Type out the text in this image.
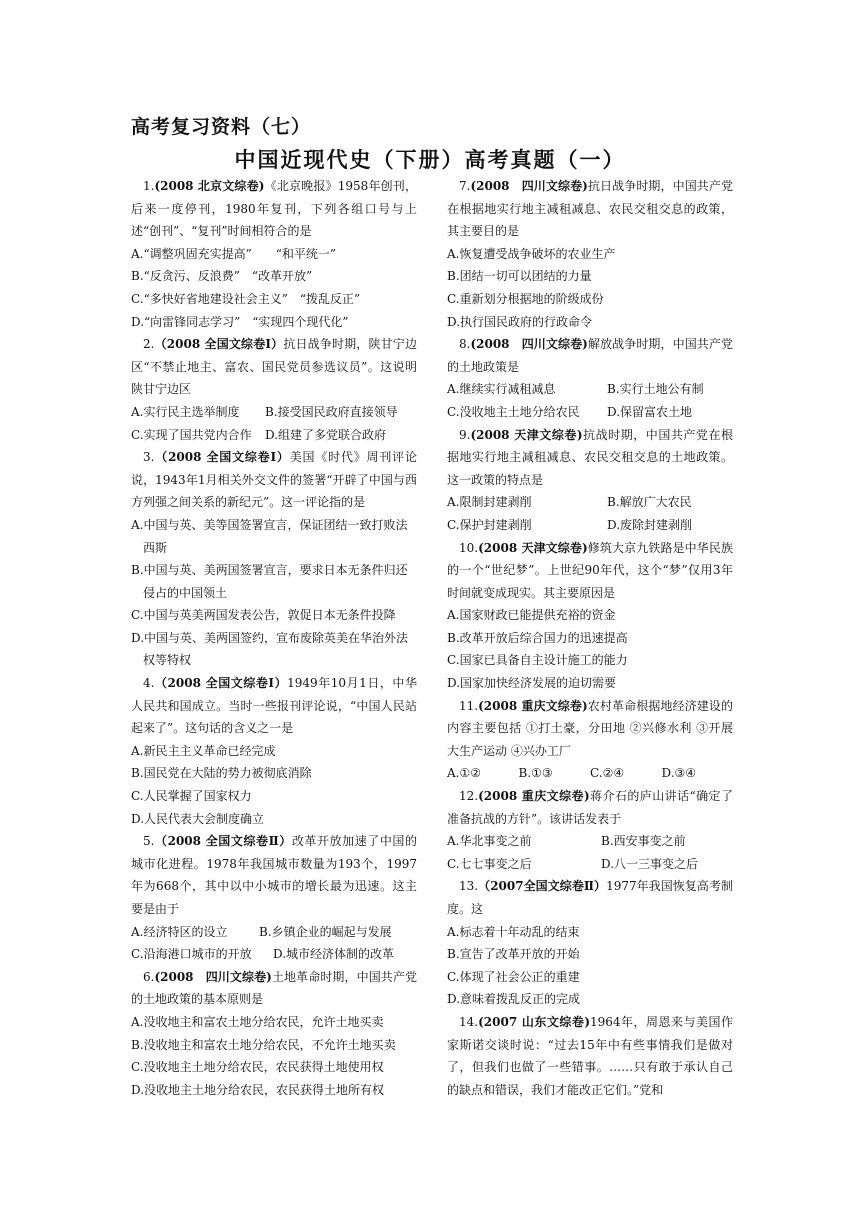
高考复习资料（七）
中国近现代史（下册）高考真题（一）

1.(2008 北京文综卷)《北京晚报》1958年创刊，后来一度停刊，1980年复刊，下列各组口号与上述“创刊”、“复刊”时间相符合的是

A.“调整巩固充实提高”　　“和平统一”
B.“反贪污、反浪费”　“改革开放”
C.“多快好省地建设社会主义”　“拨乱反正”
D.“向雷锋同志学习”　“实现四个现代化”

2.（2008 全国文综卷Ⅰ）抗日战争时期，陕甘宁边区“不禁止地主、富农、国民党员参选议员”。这说明陕甘宁边区

A.实行民主选举制度	B.接受国民政府直接领导
C.实现了国共党内合作	D.组建了多党联合政府

3.（2008 全国文综卷Ⅰ）美国《时代》周刊评论说，1943年1月相关外交文件的签署“开辟了中国与西方列强之间关系的新纪元”。这一评论指的是

A.中国与英、美等国签署宣言，保证团结一致打败法西斯
B.中国与英、美两国签署宣言，要求日本无条件归还侵占的中国领土
C.中国与英美两国发表公告，敦促日本无条件投降
D.中国与英、美两国签约，宣布废除英美在华治外法权等特权

4.（2008 全国文综卷Ⅰ）1949年10月1日，中华人民共和国成立。当时一些报刊评论说，“中国人民站起来了”。这句话的含义之一是

A.新民主主义革命已经完成
B.国民党在大陆的势力被彻底消除
C.人民掌握了国家权力
D.人民代表大会制度确立

5.（2008 全国文综卷Ⅱ）改革开放加速了中国的城市化进程。1978年我国城市数量为193个，1997年为668个，其中以中小城市的增长最为迅速。这主要是由于

A.经济特区的设立	B.乡镇企业的崛起与发展
C.沿海港口城市的开放	D.城市经济体制的改革

6.(2008　四川文综卷)土地革命时期，中国共产党的土地政策的基本原则是

A.没收地主和富农土地分给农民，允许土地买卖
B.没收地主和富农土地分给农民，不允许土地买卖
C.没收地主土地分给农民，农民获得土地使用权
D.没收地主土地分给农民，农民获得土地所有权

7.(2008　四川文综卷)抗日战争时期，中国共产党在根据地实行地主减租减息、农民交租交息的政策，其主要目的是

A.恢复遭受战争破坏的农业生产
B.团结一切可以团结的力量
C.重新划分根据地的阶级成份
D.执行国民政府的行政命令

8.(2008　四川文综卷)解放战争时期，中国共产党的土地政策是

A.继续实行减租减息	B.实行土地公有制
C.没收地主土地分给农民	D.保留富农土地

9.(2008 天津文综卷)抗战时期，中国共产党在根据地实行地主减租减息、农民交租交息的土地政策。这一政策的特点是

A.限制封建剥削	B.解放广大农民
C.保护封建剥削	D.废除封建剥削

10.(2008 天津文综卷)修筑大京九铁路是中华民族的一个“世纪梦”。上世纪90年代，这个“梦”仅用3年时间就变成现实。其主要原因是

A.国家财政已能提供充裕的资金
B.改革开放后综合国力的迅速提高
C.国家已具备自主设计施工的能力
D.国家加快经济发展的迫切需要

11.(2008 重庆文综卷)农村革命根据地经济建设的内容主要包括 ①打土豪，分田地 ②兴修水利 ③开展大生产运动 ④兴办工厂

A.①②	B.①③	C.②④	D.③④

12.(2008 重庆文综卷)蒋介石的庐山讲话“确定了准备抗战的方针”。该讲话发表于

A.华北事变之前	B.西安事变之前
C.七七事变之后	D.八一三事变之后

13.（2007全国文综卷Ⅱ）1977年我国恢复高考制度。这

A.标志着十年动乱的结束
B.宣告了改革开放的开始
C.体现了社会公正的重建
D.意味着拨乱反正的完成

14.(2007 山东文综卷)1964年，周恩来与美国作家斯诺交谈时说：“过去15年中有些事情我们是做对了，但我们也做了一些错事。……只有敢于承认自己的缺点和错误，我们才能改正它们。”党和
